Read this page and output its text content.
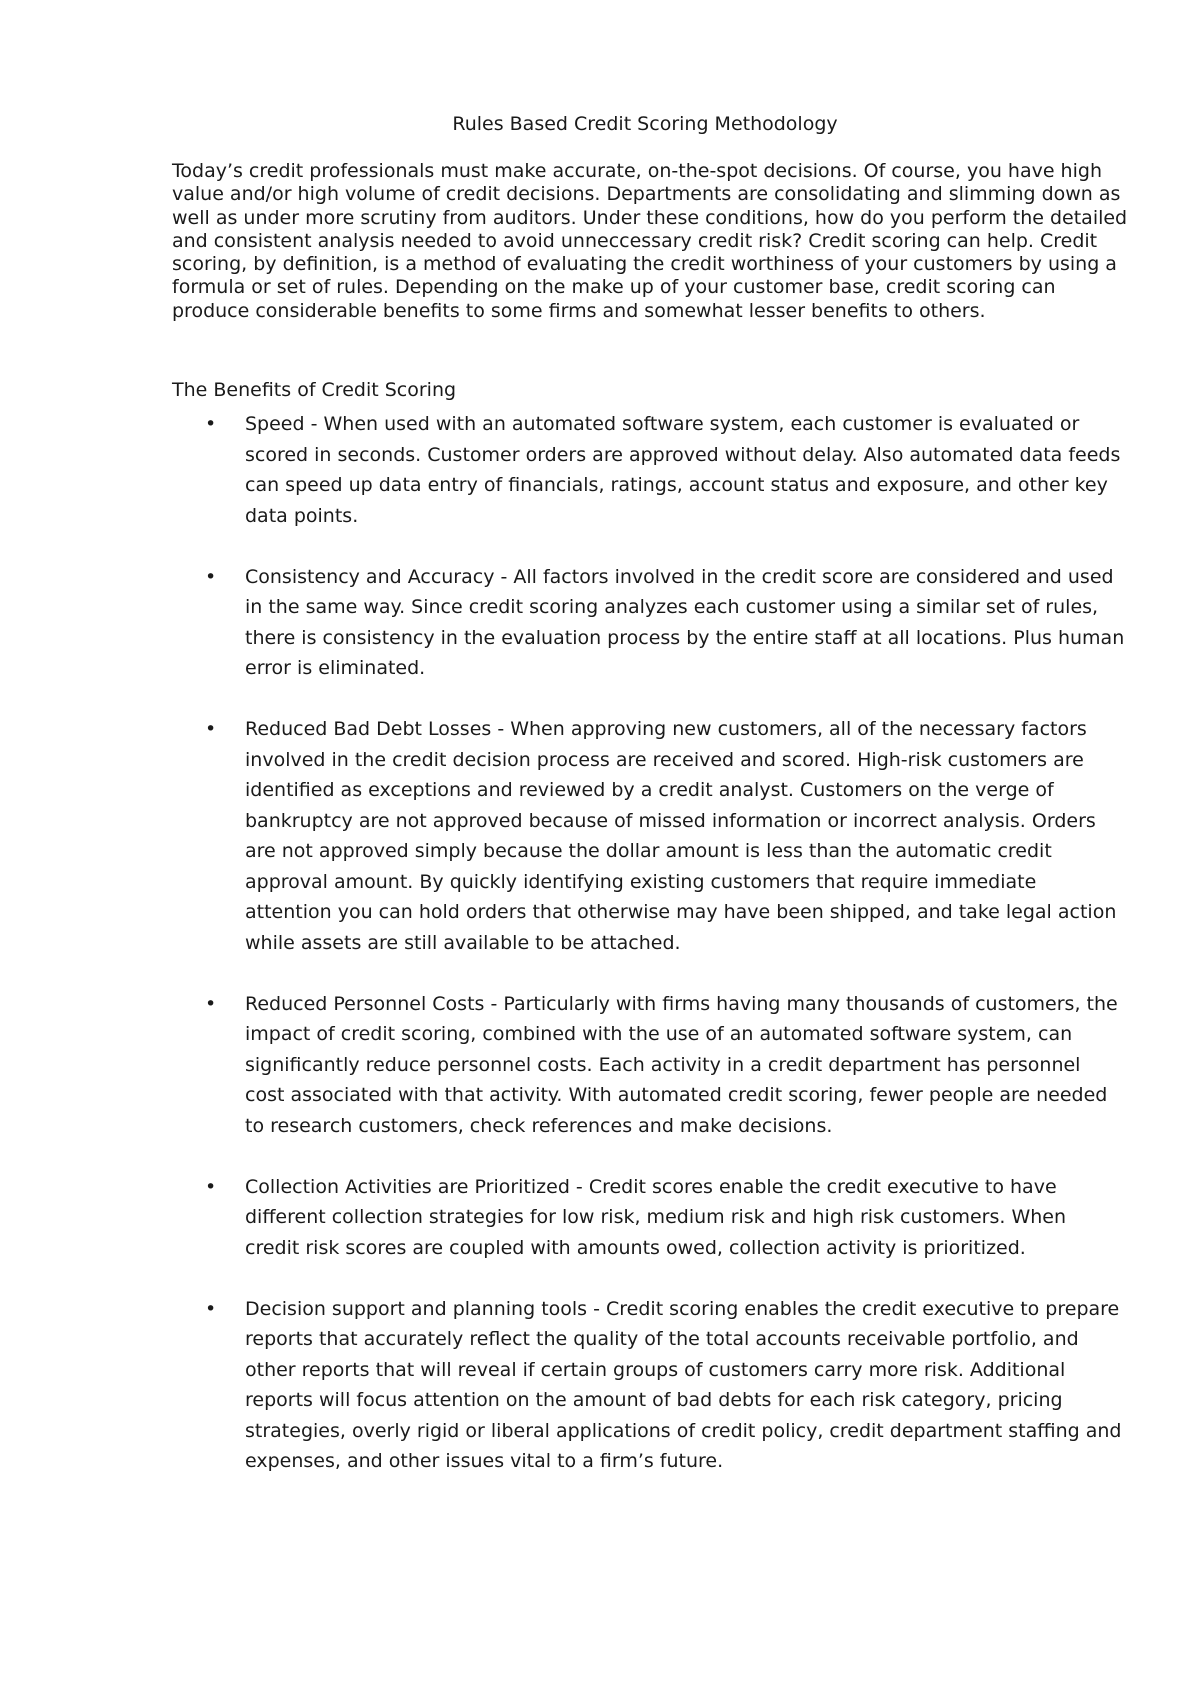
Rules Based Credit Scoring Methodology

Today’s credit professionals must make accurate, on-the-spot decisions. Of course, you have high value and/or high volume of credit decisions. Departments are consolidating and slimming down as well as under more scrutiny from auditors. Under these conditions, how do you perform the detailed and consistent analysis needed to avoid unneccessary credit risk? Credit scoring can help. Credit scoring, by definition, is a method of evaluating the credit worthiness of your customers by using a formula or set of rules. Depending on the make up of your customer base, credit scoring can produce considerable benefits to some firms and somewhat lesser benefits to others.

The Benefits of Credit Scoring
•	Speed - When used with an automated software system, each customer is evaluated or scored in seconds. Customer orders are approved without delay. Also automated data feeds can speed up data entry of financials, ratings, account status and exposure, and other key data points.
•	Consistency and Accuracy - All factors involved in the credit score are considered and used in the same way. Since credit scoring analyzes each customer using a similar set of rules, there is consistency in the evaluation process by the entire staff at all locations. Plus human error is eliminated.
•	Reduced Bad Debt Losses - When approving new customers, all of the necessary factors involved in the credit decision process are received and scored. High-risk customers are identified as exceptions and reviewed by a credit analyst. Customers on the verge of bankruptcy are not approved because of missed information or incorrect analysis. Orders are not approved simply because the dollar amount is less than the automatic credit approval amount. By quickly identifying existing customers that require immediate attention you can hold orders that otherwise may have been shipped, and take legal action while assets are still available to be attached.
•	Reduced Personnel Costs - Particularly with firms having many thousands of customers, the impact of credit scoring, combined with the use of an automated software system, can significantly reduce personnel costs. Each activity in a credit department has personnel cost associated with that activity. With automated credit scoring, fewer people are needed to research customers, check references and make decisions.
•	Collection Activities are Prioritized - Credit scores enable the credit executive to have different collection strategies for low risk, medium risk and high risk customers. When credit risk scores are coupled with amounts owed, collection activity is prioritized.
•	Decision support and planning tools - Credit scoring enables the credit executive to prepare reports that accurately reflect the quality of the total accounts receivable portfolio, and other reports that will reveal if certain groups of customers carry more risk. Additional reports will focus attention on the amount of bad debts for each risk category, pricing strategies, overly rigid or liberal applications of credit policy, credit department staffing and expenses, and other issues vital to a firm’s future.
